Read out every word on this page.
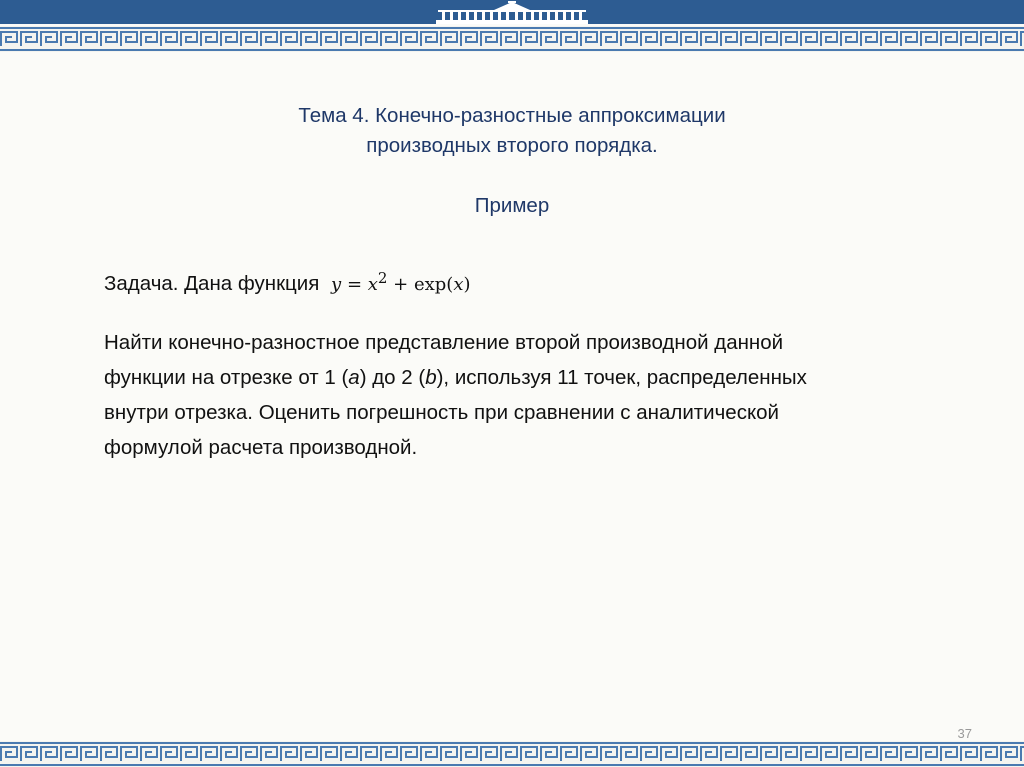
Тема 4. Конечно-разностные аппроксимации
производных второго порядка.
Пример
Задача. Дана функция $y = x^2 + \exp(x)$
Найти конечно-разностное представление второй производной данной
функции на отрезке от 1 (a) до 2 (b), используя 11 точек, распределенных
внутри отрезка. Оценить погрешность при сравнении с аналитической
формулой расчета производной.
37
